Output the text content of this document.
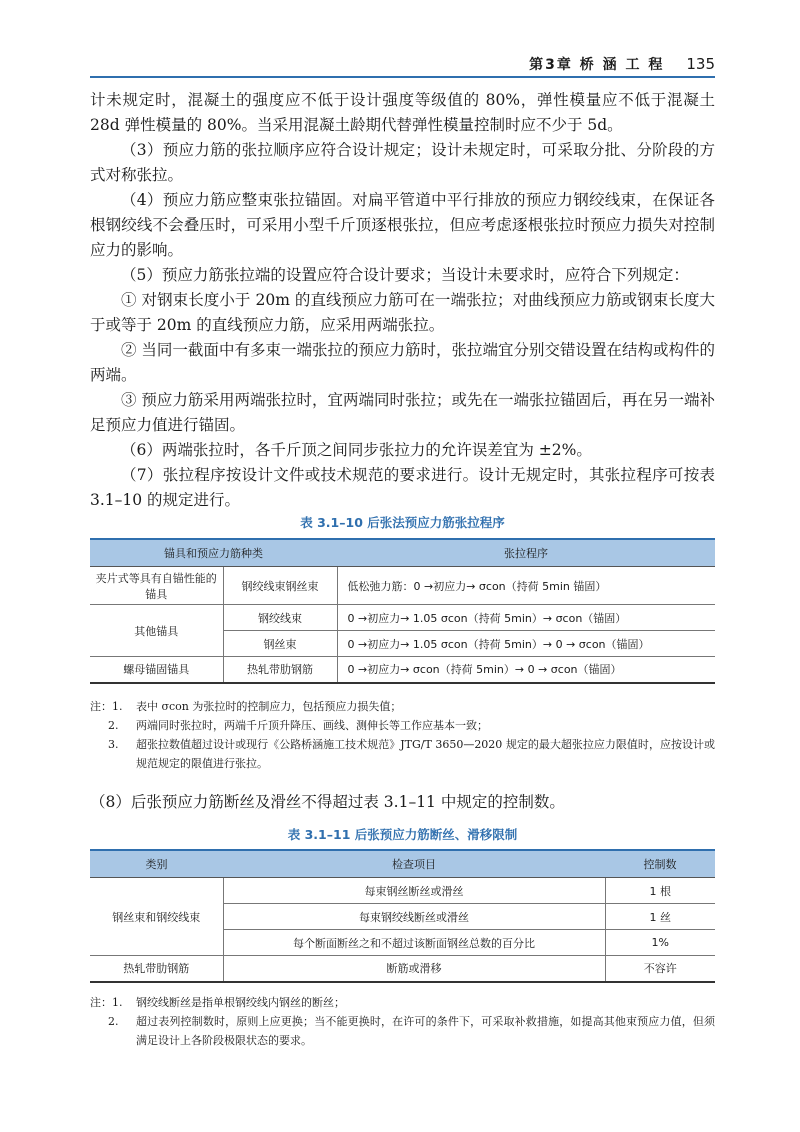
第3章 桥 涵 工 程 135

计未规定时，混凝土的强度应不低于设计强度等级值的 80%，弹性模量应不低于混凝土 28d 弹性模量的 80%。当采用混凝土龄期代替弹性模量控制时应不少于 5d。

（3）预应力筋的张拉顺序应符合设计规定；设计未规定时，可采取分批、分阶段的方式对称张拉。

（4）预应力筋应整束张拉锚固。对扁平管道中平行排放的预应力钢绞线束，在保证各根钢绞线不会叠压时，可采用小型千斤顶逐根张拉，但应考虑逐根张拉时预应力损失对控制应力的影响。

（5）预应力筋张拉端的设置应符合设计要求；当设计未要求时，应符合下列规定：

① 对钢束长度小于 20m 的直线预应力筋可在一端张拉；对曲线预应力筋或钢束长度大于或等于 20m 的直线预应力筋，应采用两端张拉。

② 当同一截面中有多束一端张拉的预应力筋时，张拉端宜分别交错设置在结构或构件的两端。

③ 预应力筋采用两端张拉时，宜两端同时张拉；或先在一端张拉锚固后，再在另一端补足预应力值进行锚固。

（6）两端张拉时，各千斤顶之间同步张拉力的允许误差宜为 ±2%。

（7）张拉程序按设计文件或技术规范的要求进行。设计无规定时，其张拉程序可按表 3.1–10 的规定进行。

表 3.1–10 后张法预应力筋张拉程序
锚具和预应力筋种类		张拉程序
夹片式等具有自锚性能的锚具	钢绞线束钢丝束	低松弛力筋：0 →初应力→ σcon（持荷 5min 锚固）
其他锚具	钢绞线束	0 →初应力→ 1.05 σcon（持荷 5min）→ σcon（锚固）
	钢丝束	0 →初应力→ 1.05 σcon（持荷 5min）→ 0 → σcon（锚固）
螺母锚固锚具	热轧带肋钢筋	0 →初应力→ σcon（持荷 5min）→ 0 → σcon（锚固）
注：1.	表中 σcon 为张拉时的控制应力，包括预应力损失值；
2.	两端同时张拉时，两端千斤顶升降压、画线、测伸长等工作应基本一致；
3.	超张拉数值超过设计或现行《公路桥涵施工技术规范》JTG/T 3650—2020 规定的最大超张拉应力限值时，应按设计或规范规定的限值进行张拉。
（8）后张预应力筋断丝及滑丝不得超过表 3.1–11 中规定的控制数。
表 3.1–11 后张预应力筋断丝、滑移限制
类别	检查项目	控制数
钢丝束和钢绞线束	每束钢丝断丝或滑丝	1 根
	每束钢绞线断丝或滑丝	1 丝
	每个断面断丝之和不超过该断面钢丝总数的百分比	1%
热轧带肋钢筋	断筋或滑移	不容许
注：1.	钢绞线断丝是指单根钢绞线内钢丝的断丝；
2.	超过表列控制数时，原则上应更换；当不能更换时，在许可的条件下，可采取补救措施，如提高其他束预应力值，但须满足设计上各阶段极限状态的要求。
